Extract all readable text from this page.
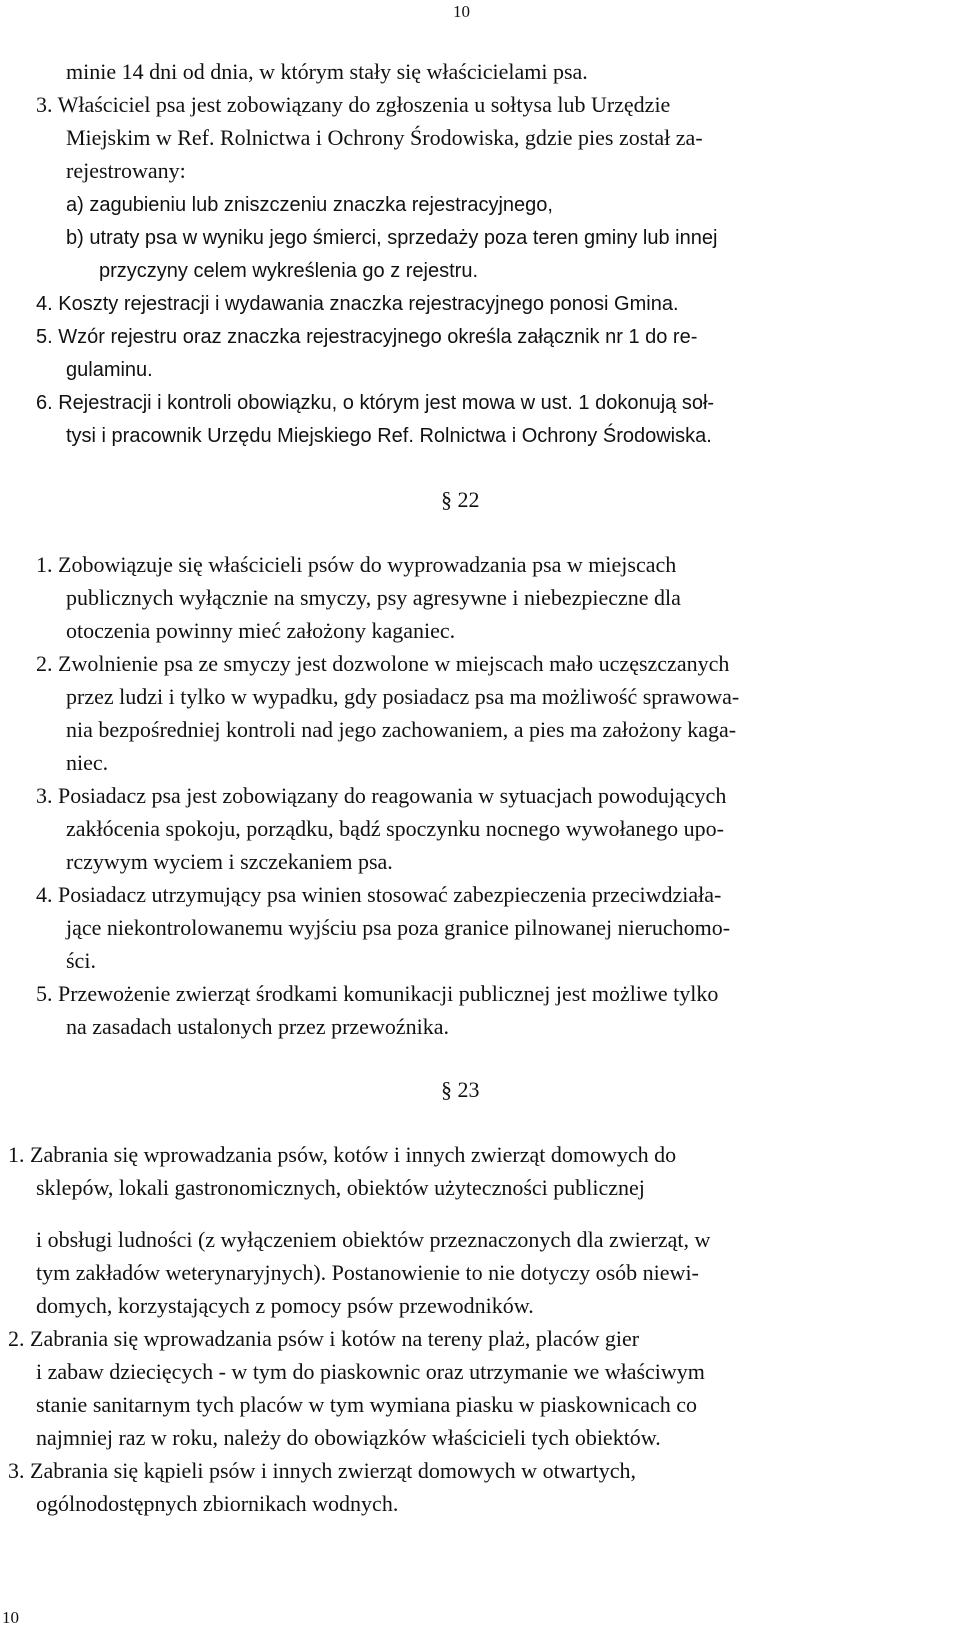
10
minie 14 dni od dnia, w którym stały się właścicielami psa.
3. Właściciel psa jest zobowiązany do zgłoszenia u sołtysa lub Urzędzie
Miejskim w Ref. Rolnictwa i Ochrony Środowiska, gdzie pies został za-
rejestrowany:
a) zagubieniu lub zniszczeniu znaczka rejestracyjnego,
b) utraty psa w wyniku jego śmierci, sprzedaży poza teren gminy lub innej
przyczyny celem wykreślenia go z rejestru.
4. Koszty rejestracji i wydawania znaczka rejestracyjnego ponosi Gmina.
5. Wzór rejestru oraz znaczka rejestracyjnego określa załącznik nr 1 do re-
gulaminu.
6. Rejestracji i kontroli obowiązku, o którym jest mowa w ust. 1 dokonują soł-
tysi i pracownik Urzędu Miejskiego Ref. Rolnictwa i Ochrony Środowiska.
§ 22
1. Zobowiązuje się właścicieli psów do wyprowadzania psa w miejscach
publicznych wyłącznie na smyczy, psy agresywne i niebezpieczne dla
otoczenia powinny mieć założony kaganiec.
2. Zwolnienie psa ze smyczy jest dozwolone w miejscach mało uczęszczanych
przez ludzi i tylko w wypadku, gdy posiadacz psa ma możliwość sprawowa-
nia bezpośredniej kontroli nad jego zachowaniem, a pies ma założony kaga-
niec.
3. Posiadacz psa jest zobowiązany do reagowania w sytuacjach powodujących
zakłócenia spokoju, porządku, bądź spoczynku nocnego wywołanego upo-
rczywym wyciem i szczekaniem psa.
4. Posiadacz utrzymujący psa winien stosować zabezpieczenia przeciwdziała-
jące niekontrolowanemu wyjściu psa poza granice pilnowanej nieruchomo-
ści.
5. Przewożenie zwierząt środkami komunikacji publicznej jest możliwe tylko
na zasadach ustalonych przez przewoźnika.
§ 23
1. Zabrania się wprowadzania psów, kotów i innych zwierząt domowych do
sklepów, lokali gastronomicznych, obiektów użyteczności publicznej
i obsługi ludności (z wyłączeniem obiektów przeznaczonych dla zwierząt, w
tym zakładów weterynaryjnych). Postanowienie to nie dotyczy osób niewi-
domych, korzystających z pomocy psów przewodników.
2. Zabrania się wprowadzania psów i kotów na tereny plaż, placów gier
i zabaw dziecięcych - w tym do piaskownic oraz utrzymanie we właściwym
stanie sanitarnym tych placów w tym wymiana piasku w piaskownicach co
najmniej raz w roku, należy do obowiązków właścicieli tych obiektów.
3. Zabrania się kąpieli psów i innych zwierząt domowych w otwartych,
ogólnodostępnych zbiornikach wodnych.
10
